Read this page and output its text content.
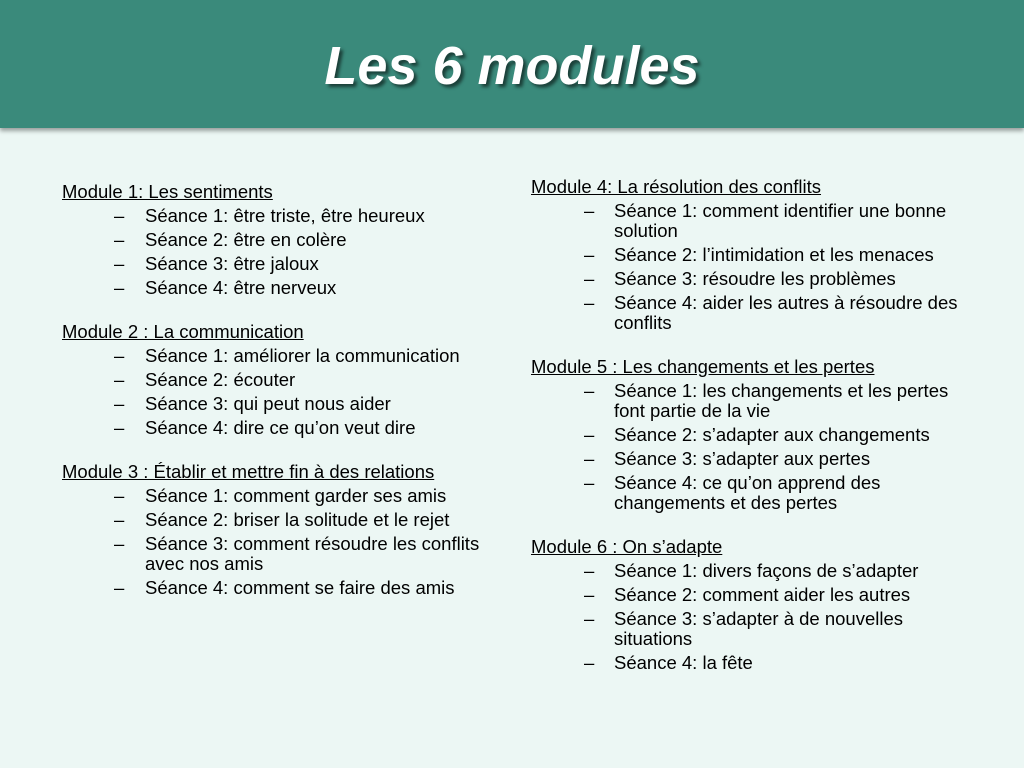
Les 6 modules
Module 1: Les sentiments
– Séance 1: être triste, être heureux
– Séance 2: être en colère
– Séance 3: être jaloux
– Séance 4: être nerveux
Module 2 : La communication
– Séance 1: améliorer la communication
– Séance 2: écouter
– Séance 3: qui peut nous aider
– Séance 4: dire ce qu’on veut dire
Module 3 : Établir et mettre fin à des relations
– Séance 1: comment garder ses amis
– Séance 2: briser la solitude et le rejet
– Séance 3: comment résoudre les conflits avec nos amis
– Séance 4: comment se faire des amis
Module 4: La résolution des conflits
– Séance 1: comment identifier une bonne solution
– Séance 2: l’intimidation et les menaces
– Séance 3: résoudre les problèmes
– Séance 4: aider les autres à résoudre des conflits
Module 5 : Les changements et les pertes
– Séance 1: les changements et les pertes font partie de la vie
– Séance 2: s’adapter aux changements
– Séance 3: s’adapter aux pertes
– Séance 4: ce qu’on apprend des changements et des pertes
Module 6 : On s’adapte
– Séance 1: divers façons de s’adapter
– Séance 2: comment aider les autres
– Séance 3: s’adapter à de nouvelles situations
– Séance 4: la fête
